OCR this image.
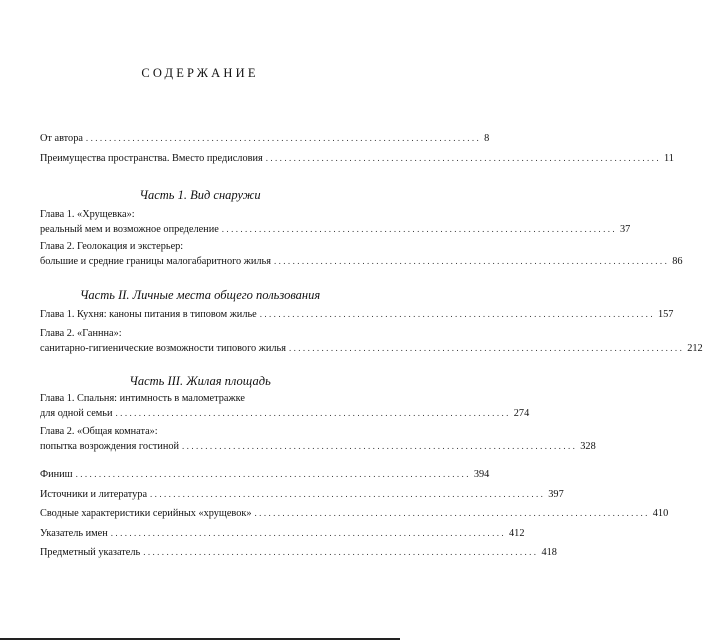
СОДЕРЖАНИЕ
От автора ..................................................................................... 8
Преимущества пространства. Вместо предисловия ..................................................................................... 11
Часть 1. Вид снаружи
Глава 1. «Хрущевка»:
реальный мем и возможное определение ..................................................................................... 37
Глава 2. Геолокация и экстерьер:
большие и средние границы малогабаритного жилья ..................................................................................... 86
Часть II. Личные места общего пользования
Глава 1. Кухня: каноны питания в типовом жилье ..................................................................................... 157
Глава 2. «Ганнна»:
санитарно-гигиенические возможности типового жилья ..................................................................................... 212
Часть III. Жилая площадь
Глава 1. Спальня: интимность в малометражке
для одной семьи ..................................................................................... 274
Глава 2. «Общая комната»:
попытка возрождения гостиной ..................................................................................... 328
Финиш ..................................................................................... 394
Источники и литература ..................................................................................... 397
Сводные характеристики серийных «хрущевок» ..................................................................................... 410
Указатель имен ..................................................................................... 412
Предметный указатель ..................................................................................... 418
